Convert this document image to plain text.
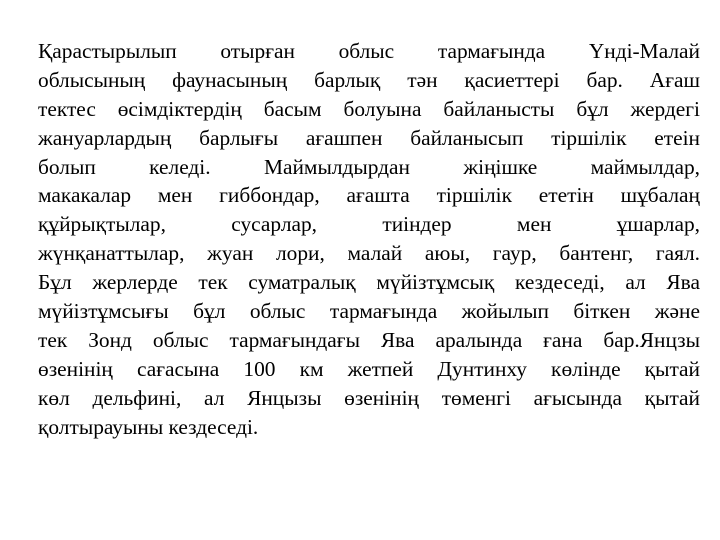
Қарастырылып отырған облыс тармағында Үнді-Малай
облысының фаунасының барлық тән қасиеттері бар. Ағаш
тектес өсімдіктердің басым болуына байланысты бұл жердегі
жануарлардың барлығы ағашпен байланысып тіршілік етеін
болып келеді. Маймылдырдан жіңішке маймылдар,
макакалар мен гиббондар, ағашта тіршілік ететін шұбалаң
құйрықтылар, сусарлар, тиіндер мен ұшарлар,
жүнқанаттылар, жуан лори, малай аюы, гаур, бантенг, гаял.
Бұл жерлерде тек суматралық мүйізтұмсық кездеседі, ал Ява
мүйізтұмсығы бұл облыс тармағында жойылып біткен және
тек Зонд облыс тармағындағы Ява аралында ғана бар.Янцзы
өзенінің сағасына 100 км жетпей Дунтинху көлінде қытай
көл дельфині, ал Янцызы өзенінің төменгі ағысында қытай
қолтырауыны кездеседі.
